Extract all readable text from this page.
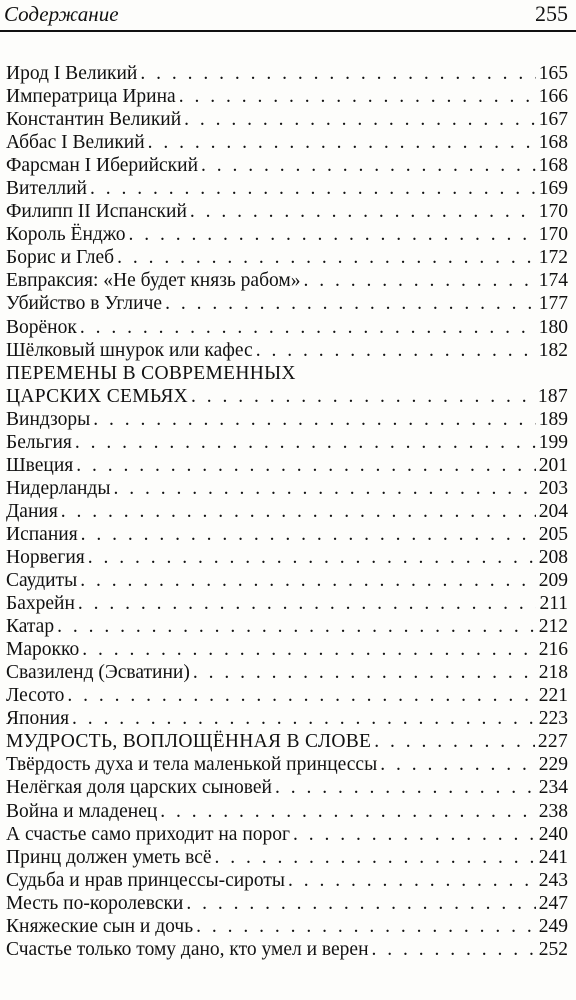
Содержание	255
Ирод I Великий . . .	165
Императрица Ирина . . .	166
Константин Великий . . .	167
Аббас I Великий . . .	168
Фарсман I Иберийский . . .	168
Вителлий . . .	169
Филипп II Испанский . . .	170
Король Ёнджо . . .	170
Борис и Глеб . . .	172
Евпраксия: «Не будет князь рабом» . . .	174
Убийство в Угличе . . .	177
Ворёнок . . .	180
Шёлковый шнурок или кафес . . .	182
ПЕРЕМЕНЫ В СОВРЕМЕННЫХ
ЦАРСКИХ СЕМЬЯХ . . .	187
Виндзоры . . .	189
Бельгия . . .	199
Швеция . . .	201
Нидерланды . . .	203
Дания . . .	204
Испания . . .	205
Норвегия . . .	208
Саудиты . . .	209
Бахрейн . . .	211
Катар . . .	212
Марокко . . .	216
Свазиленд (Эсватини) . . .	218
Лесото . . .	221
Япония . . .	223
МУДРОСТЬ, ВОПЛОЩЁННАЯ В СЛОВЕ . . .	227
Твёрдость духа и тела маленькой принцессы . . .	229
Нелёгкая доля царских сыновей . . .	234
Война и младенец . . .	238
А счастье само приходит на порог . . .	240
Принц должен уметь всё . . .	241
Судьба и нрав принцессы-сироты . . .	243
Месть по-королевски . . .	247
Княжеские сын и дочь . . .	249
Счастье только тому дано, кто умел и верен . . .	252
